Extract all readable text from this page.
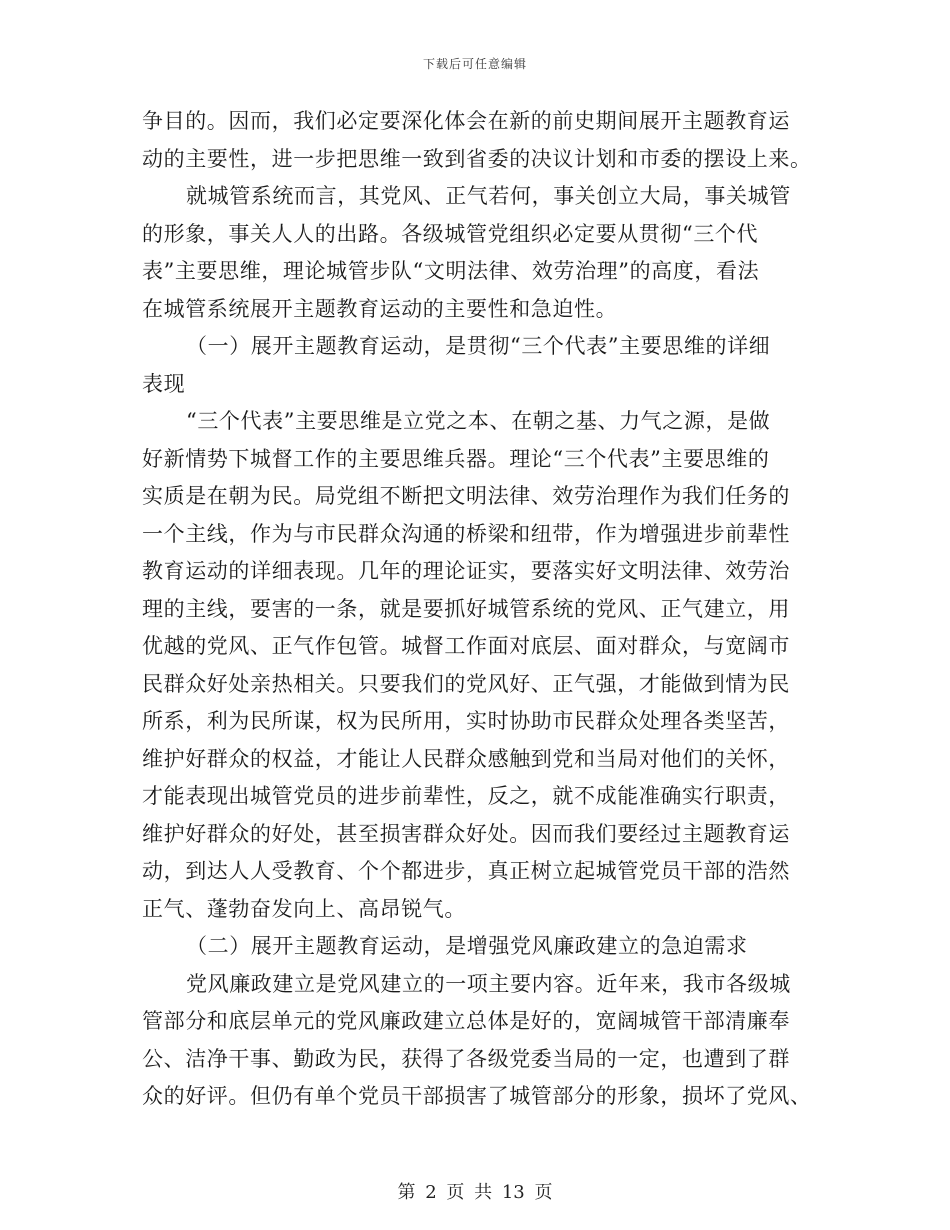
下载后可任意编辑
争目的。因而，我们必定要深化体会在新的前史期间展开主题教育运
动的主要性，进一步把思维一致到省委的决议计划和市委的摆设上来。
就城管系统而言，其党风、正气若何，事关创立大局，事关城管
的形象，事关人人的出路。各级城管党组织必定要从贯彻“三个代
表”主要思维，理论城管步队“文明法律、效劳治理”的高度，看法
在城管系统展开主题教育运动的主要性和急迫性。
（一）展开主题教育运动，是贯彻“三个代表”主要思维的详细
表现
“三个代表”主要思维是立党之本、在朝之基、力气之源，是做
好新情势下城督工作的主要思维兵器。理论“三个代表”主要思维的
实质是在朝为民。局党组不断把文明法律、效劳治理作为我们任务的
一个主线，作为与市民群众沟通的桥梁和纽带，作为增强进步前辈性
教育运动的详细表现。几年的理论证实，要落实好文明法律、效劳治
理的主线，要害的一条，就是要抓好城管系统的党风、正气建立，用
优越的党风、正气作包管。城督工作面对底层、面对群众，与宽阔市
民群众好处亲热相关。只要我们的党风好、正气强，才能做到情为民
所系，利为民所谋，权为民所用，实时协助市民群众处理各类坚苦，
维护好群众的权益，才能让人民群众感触到党和当局对他们的关怀，
才能表现出城管党员的进步前辈性，反之，就不成能准确实行职责，
维护好群众的好处，甚至损害群众好处。因而我们要经过主题教育运
动，到达人人受教育、个个都进步，真正树立起城管党员干部的浩然
正气、蓬勃奋发向上、高昂锐气。
（二）展开主题教育运动，是增强党风廉政建立的急迫需求
党风廉政建立是党风建立的一项主要内容。近年来，我市各级城
管部分和底层单元的党风廉政建立总体是好的，宽阔城管干部清廉奉
公、洁净干事、勤政为民，获得了各级党委当局的一定，也遭到了群
众的好评。但仍有单个党员干部损害了城管部分的形象，损坏了党风、
第 2 页 共 13 页
